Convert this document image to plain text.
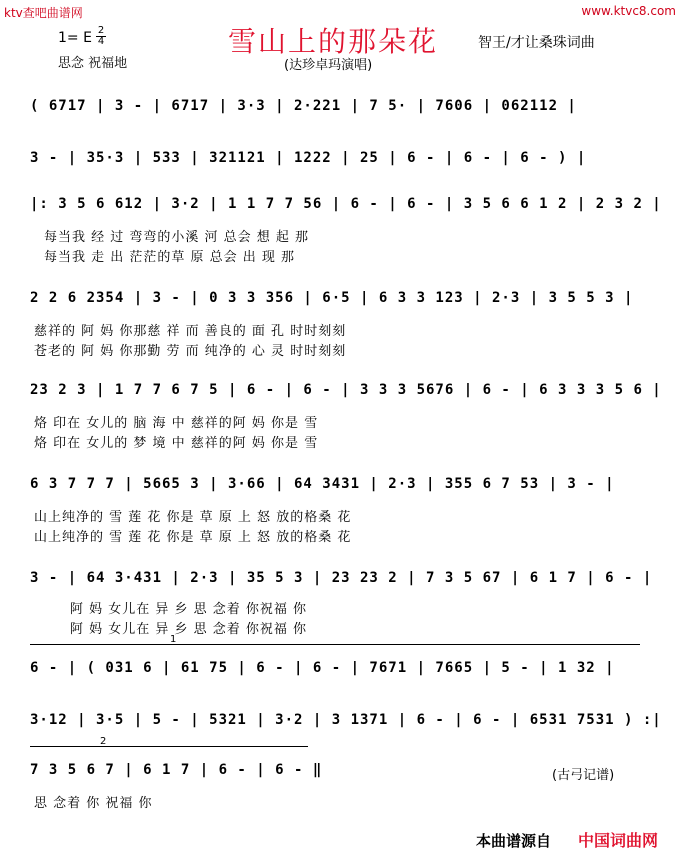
ktv查吧曲谱网	www.ktvc8.com
1= E 2
4
思念 祝福地
雪山上的那朵花	智王/才让桑珠词曲
(达珍卓玛演唱)
( 6717 | 3 - | 6717 | 3·3 | 2·221 | 7 5· | 7606 | 062112 |
3 - | 35·3 | 533 | 321121 | 1222 | 25 | 6 - | 6 - | 6 - ) |
|: 3 5 6 612 | 3·2 | 1 1 7 7 56 | 6 - | 6 - | 3 5 6 6 1 2 | 2 3 2 |
每当我 经 过 弯弯的小溪 河 总会 想 起 那
每当我 走 出 茫茫的草 原 总会 出 现 那
2 2 6 2354 | 3 - | 0 3 3 356 | 6·5 | 6 3 3 123 | 2·3 | 3 5 5 3 |
慈祥的 阿 妈 你那慈 祥 而 善良的 面 孔 时时刻刻
苍老的 阿 妈 你那勤 劳 而 纯净的 心 灵 时时刻刻
23 2 3 | 1 7 7 6 7 5 | 6 - | 6 - | 3 3 3 5676 | 6 - | 6 3 3 3 5 6 |
烙 印在 女儿的 脑 海 中 慈祥的阿 妈 你是 雪
烙 印在 女儿的 梦 境 中 慈祥的阿 妈 你是 雪
6 3 7 7 7 | 5665 3 | 3·66 | 64 3431 | 2·3 | 355 6 7 53 | 3 - |
山上纯净的 雪 莲 花 你是 草 原 上 怒 放的格桑 花
山上纯净的 雪 莲 花 你是 草 原 上 怒 放的格桑 花
3 - | 64 3·431 | 2·3 | 35 5 3 | 23 23 2 | 7 3 5 67 | 6 1 7 | 6 - |
阿 妈 女儿在 异 乡 思 念着 你祝福 你
阿 妈 女儿在 异 乡 思 念着 你祝福 你
1
6 - | ( 031 6 | 61 75 | 6 - | 6 - | 7671 | 7665 | 5 - | 1 32 |
3·12 | 3·5 | 5 - | 5321 | 3·2 | 3 1371 | 6 - | 6 - | 6531 7531 ) :|
2
7 3 5 6 7 | 6 1 7 | 6 - | 6 - ‖	(古弓记谱)
思 念着 你 祝福 你
本曲谱源自 中国词曲网
